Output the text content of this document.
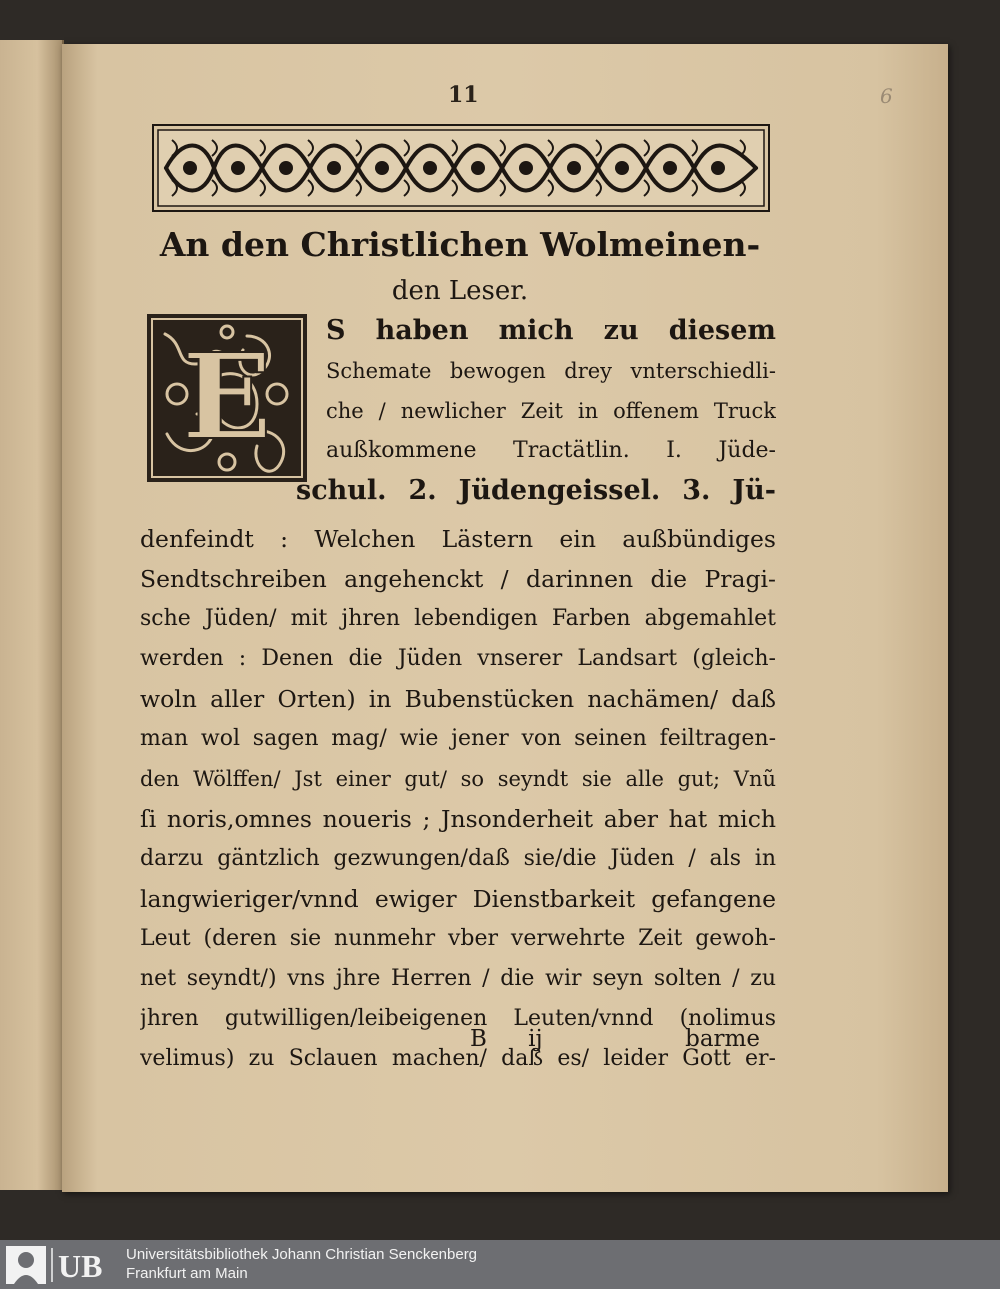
11	6
An den Christlichen Wolmeinen-
den Leser.
E S haben mich zu diesem
Schemate bewogen drey vnterschiedli-
che / newlicher Zeit in offenem Truck
außkommene Tractätlin. I. Jüde-
schul. 2. Jüdengeissel. 3. Jü-
denfeindt : Welchen Lästern ein außbündiges
Sendtschreiben angehenckt / darinnen die Pragi-
sche Jüden/ mit jhren lebendigen Farben abgemahlet
werden : Denen die Jüden vnserer Landsart (gleich-
woln aller Orten) in Bubenstücken nachämen/ daß
man wol sagen mag/ wie jener von seinen feiltragen-
den Wölffen/ Jst einer gut/ so seyndt sie alle gut; Vnũ
ſi noris,omnes noueris ; Jnsonderheit aber hat mich
darzu gäntzlich gezwungen/daß sie/die Jüden / als in
langwieriger/vnnd ewiger Dienstbarkeit gefangene
Leut (deren sie nunmehr vber verwehrte Zeit gewoh-
net seyndt/) vns jhre Herren / die wir seyn solten / zu
jhren gutwilligen/leibeigenen Leuten/vnnd (nolimus
velimus) zu Sclauen machen/ daß es/ leider Gott er-
B ij	barme
UB Universitätsbibliothek Johann Christian Senckenberg
Frankfurt am Main
